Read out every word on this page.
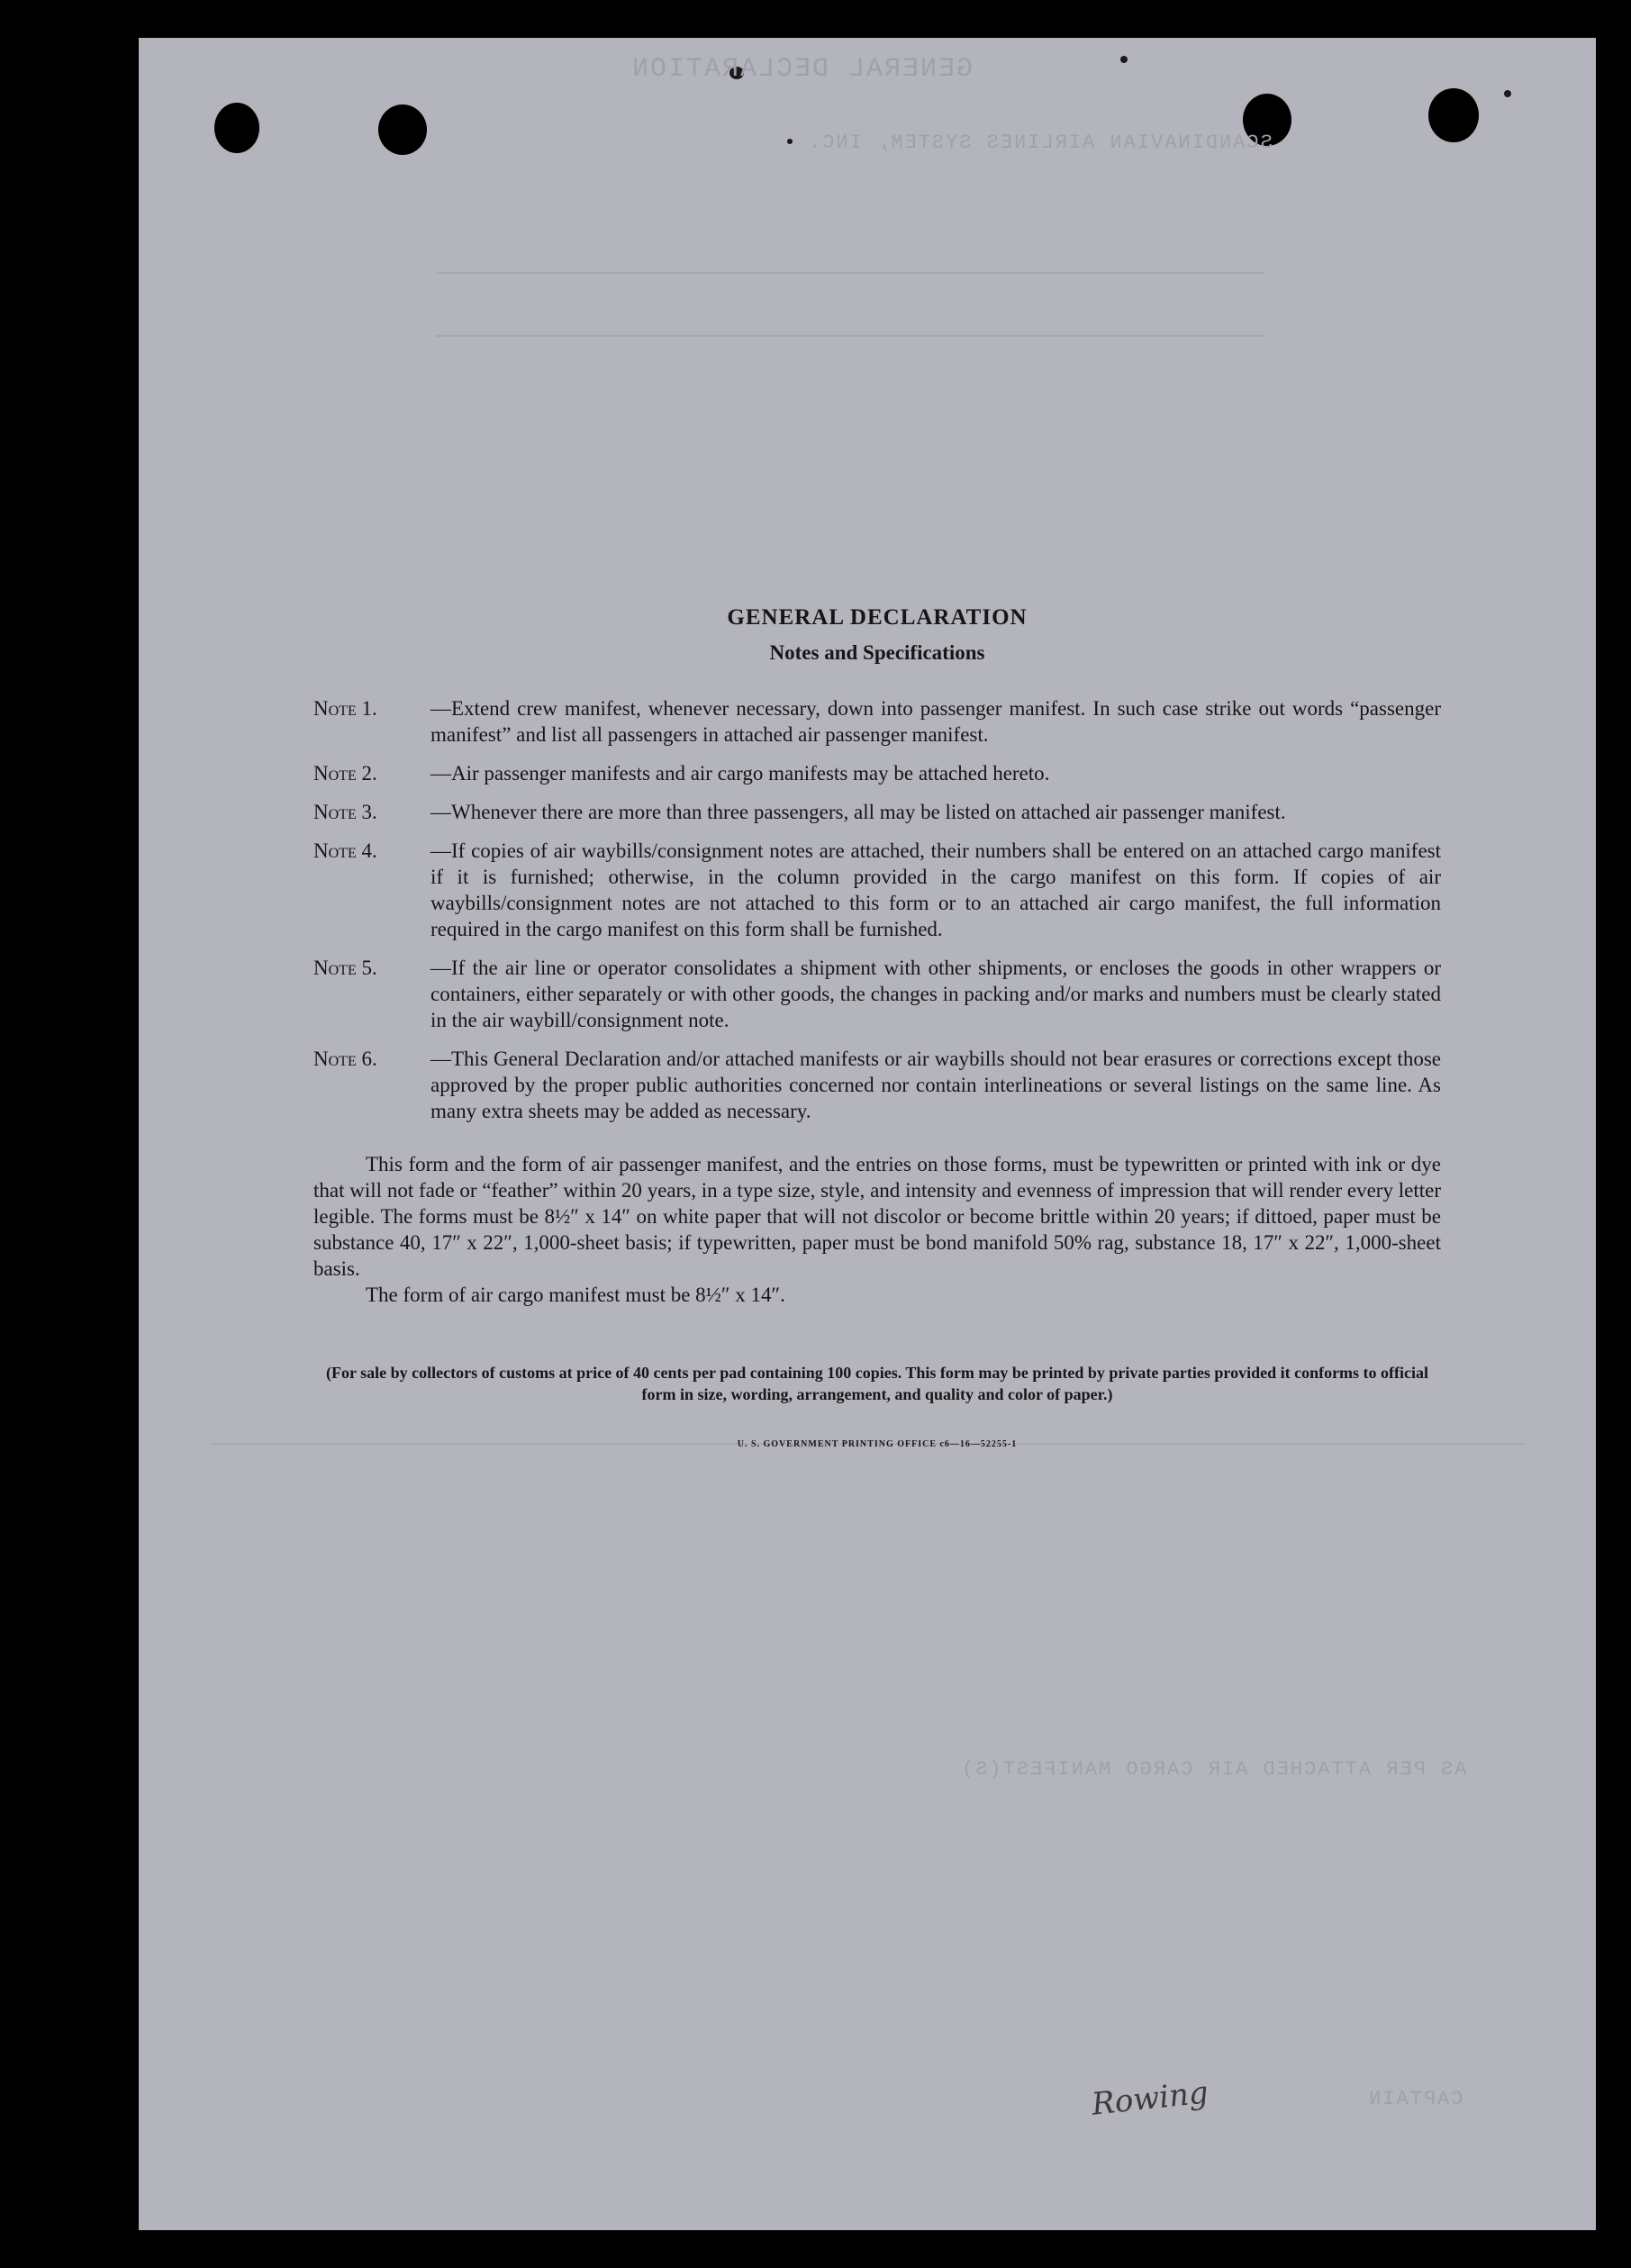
GENERAL DECLARATION
SCANDINAVIAN AIRLINES SYSTEM, INC.
AS PER ATTACHED AIR CARGO MANIFEST(S)
CAPTAIN

GENERAL DECLARATION

Notes and Specifications

Note 1.	—Extend crew manifest, whenever necessary, down into passenger manifest. In such case strike out words “passenger manifest” and list all passengers in attached air passenger manifest.
Note 2.	—Air passenger manifests and air cargo manifests may be attached hereto.
Note 3.	—Whenever there are more than three passengers, all may be listed on attached air passenger manifest.
Note 4.	—If copies of air waybills/consignment notes are attached, their numbers shall be entered on an attached cargo manifest if it is furnished; otherwise, in the column provided in the cargo manifest on this form. If copies of air waybills/consignment notes are not attached to this form or to an attached air cargo manifest, the full information required in the cargo manifest on this form shall be furnished.
Note 5.	—If the air line or operator consolidates a shipment with other shipments, or encloses the goods in other wrappers or containers, either separately or with other goods, the changes in packing and/or marks and numbers must be clearly stated in the air waybill/consignment note.
Note 6.	—This General Declaration and/or attached manifests or air waybills should not bear erasures or corrections except those approved by the proper public authorities concerned nor contain interlineations or several listings on the same line. As many extra sheets may be added as necessary.
This form and the form of air passenger manifest, and the entries on those forms, must be typewritten or printed with ink or dye that will not fade or “feather” within 20 years, in a type size, style, and intensity and evenness of impression that will render every letter legible. The forms must be 8½″ x 14″ on white paper that will not discolor or become brittle within 20 years; if dittoed, paper must be substance 40, 17″ x 22″, 1,000-sheet basis; if typewritten, paper must be bond manifold 50% rag, substance 18, 17″ x 22″, 1,000-sheet basis.
The form of air cargo manifest must be 8½″ x 14″.
(For sale by collectors of customs at price of 40 cents per pad containing 100 copies. This form may be printed by private parties provided it conforms to official form in size, wording, arrangement, and quality and color of paper.)
U. S. GOVERNMENT PRINTING OFFICE c6—16—52255-1
Rowing
